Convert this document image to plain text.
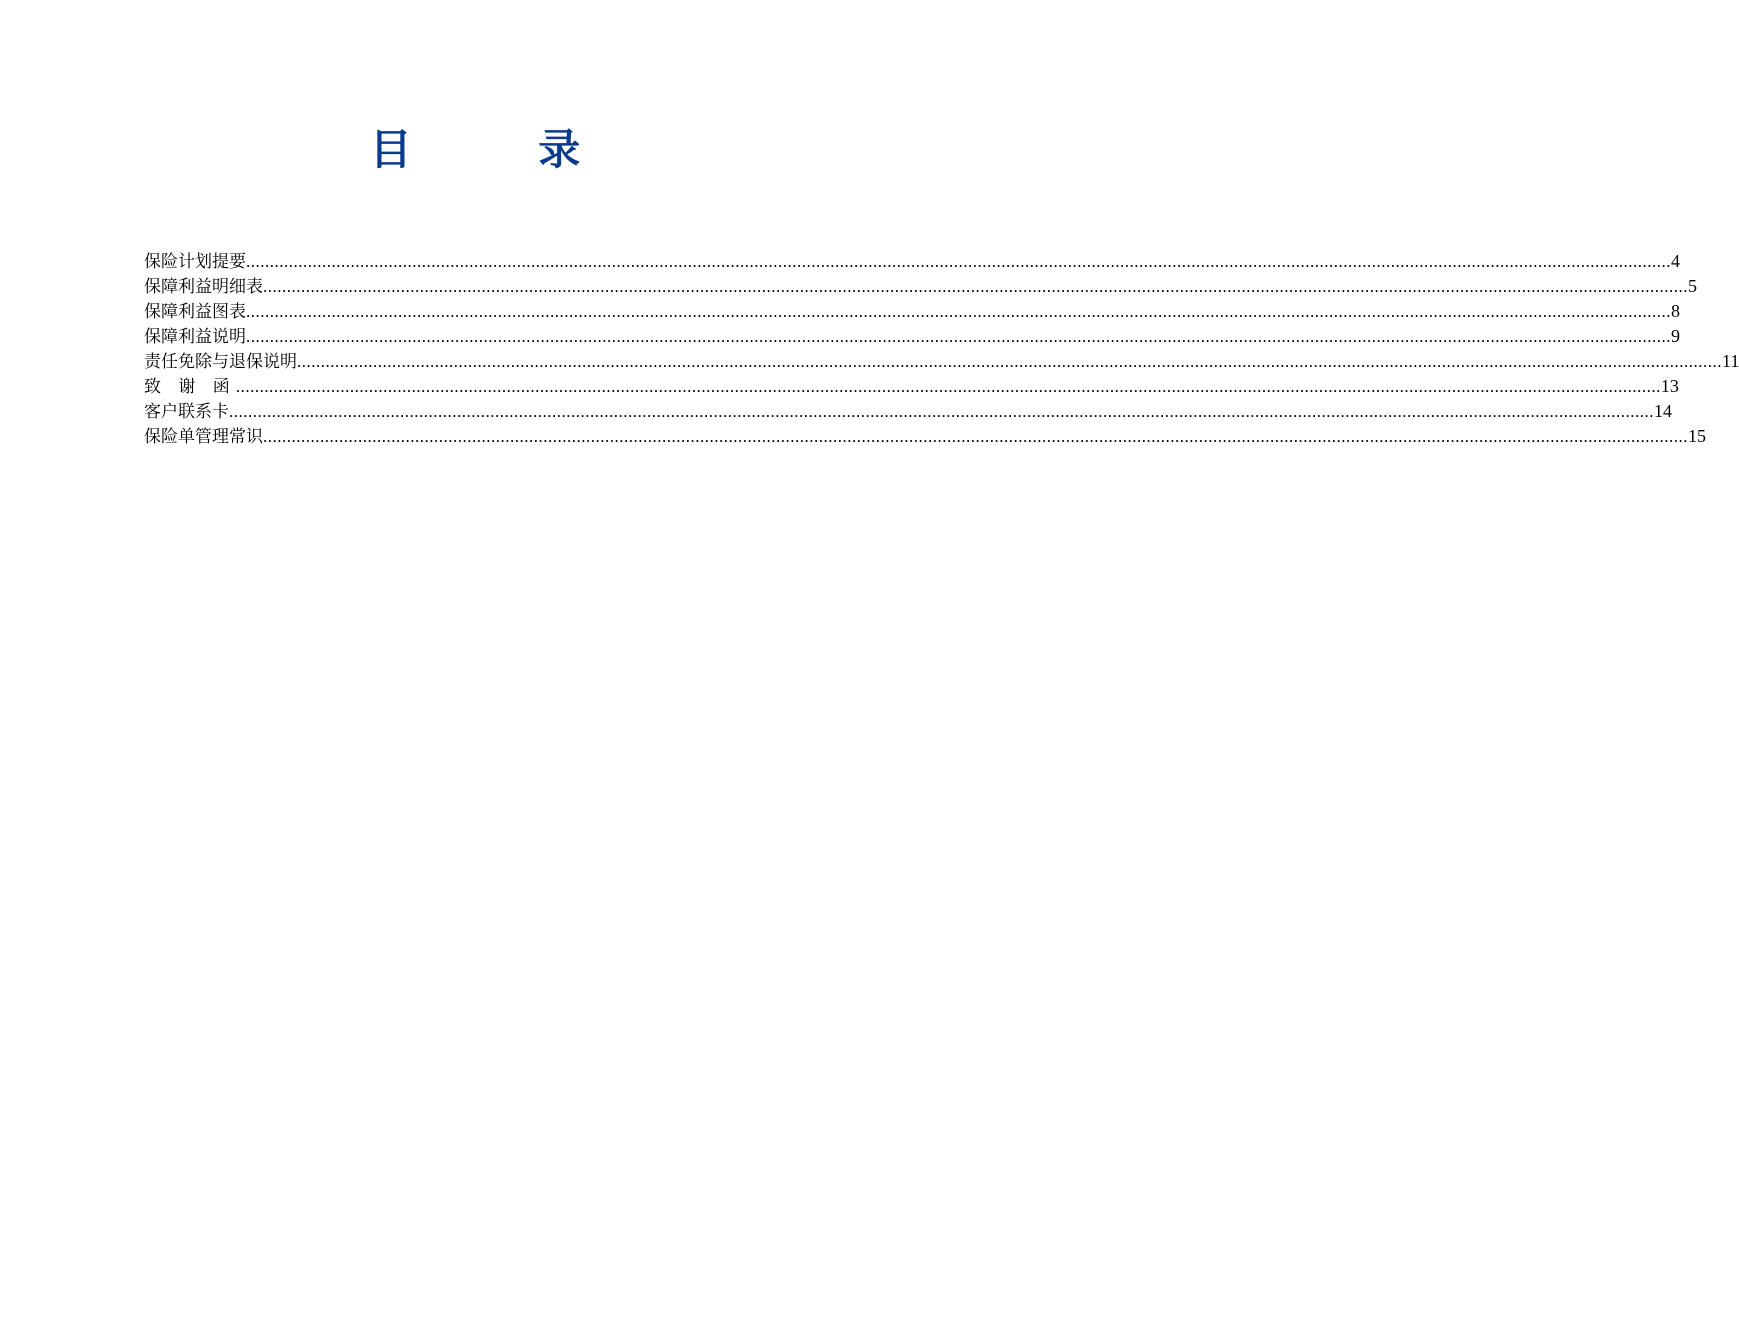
目 录
保险计划提要 ............................................................................................................................................................................................................................................................................................................ 4
保障利益明细表 ............................................................................................................................................................................................................................................................................................................ 5
保障利益图表 ............................................................................................................................................................................................................................................................................................................ 8
保障利益说明 ............................................................................................................................................................................................................................................................................................................ 9
责任免除与退保说明 ............................................................................................................................................................................................................................................................................................................ 11
致 谢 函 ............................................................................................................................................................................................................................................................................................................ 13
客户联系卡 ............................................................................................................................................................................................................................................................................................................ 14
保险单管理常识 ............................................................................................................................................................................................................................................................................................................ 15
